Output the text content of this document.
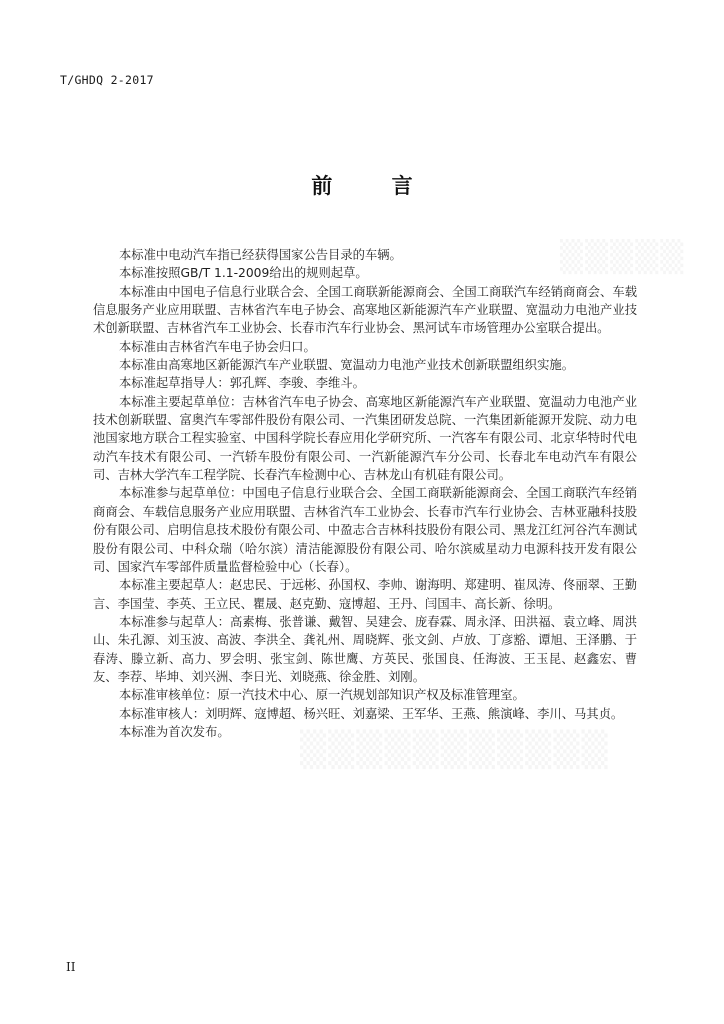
▒▒▒▒▒
▒▒▒▒▒▒▒▒▒▒▒
T/GHDQ 2-2017
前 言

本标准中电动汽车指已经获得国家公告目录的车辆。

本标准按照GB/T 1.1-2009给出的规则起草。

本标准由中国电子信息行业联合会、全国工商联新能源商会、全国工商联汽车经销商商会、车载信息服务产业应用联盟、吉林省汽车电子协会、高寒地区新能源汽车产业联盟、宽温动力电池产业技术创新联盟、吉林省汽车工业协会、长春市汽车行业协会、黑河试车市场管理办公室联合提出。

本标准由吉林省汽车电子协会归口。

本标准由高寒地区新能源汽车产业联盟、宽温动力电池产业技术创新联盟组织实施。

本标准起草指导人：郭孔辉、李骏、李维斗。

本标准主要起草单位：吉林省汽车电子协会、高寒地区新能源汽车产业联盟、宽温动力电池产业技术创新联盟、富奥汽车零部件股份有限公司、一汽集团研发总院、一汽集团新能源开发院、动力电池国家地方联合工程实验室、中国科学院长春应用化学研究所、一汽客车有限公司、北京华特时代电动汽车技术有限公司、一汽轿车股份有限公司、一汽新能源汽车分公司、长春北车电动汽车有限公司、吉林大学汽车工程学院、长春汽车检测中心、吉林龙山有机硅有限公司。

本标准参与起草单位：中国电子信息行业联合会、全国工商联新能源商会、全国工商联汽车经销商商会、车载信息服务产业应用联盟、吉林省汽车工业协会、长春市汽车行业协会、吉林亚融科技股份有限公司、启明信息技术股份有限公司、中盈志合吉林科技股份有限公司、黑龙江红河谷汽车测试股份有限公司、中科众瑞（哈尔滨）清洁能源股份有限公司、哈尔滨威星动力电源科技开发有限公司、国家汽车零部件质量监督检验中心（长春）。

本标准主要起草人：赵忠民、于远彬、孙国权、李帅、谢海明、郑建明、崔凤涛、佟丽翠、王勤言、李国莹、李英、王立民、瞿晟、赵克勤、寇博超、王丹、闫国丰、高长新、徐明。

本标准参与起草人：高素梅、张普谦、戴智、吴建会、庞春霖、周永泽、田洪福、袁立峰、周洪山、朱孔源、刘玉波、高波、李洪全、龚礼州、周晓辉、张文剑、卢放、丁彦豁、谭旭、王泽鹏、于春涛、滕立新、高力、罗会明、张宝剑、陈世鹰、方英民、张国良、任海波、王玉昆、赵鑫宏、曹友、李荐、毕坤、刘兴洲、李日光、刘晓燕、徐金胜、刘刚。

本标准审核单位：原一汽技术中心、原一汽规划部知识产权及标准管理室。

本标准审核人：刘明辉、寇博超、杨兴旺、刘嘉梁、王军华、王燕、熊演峰、李川、马其贞。

本标准为首次发布。

II
